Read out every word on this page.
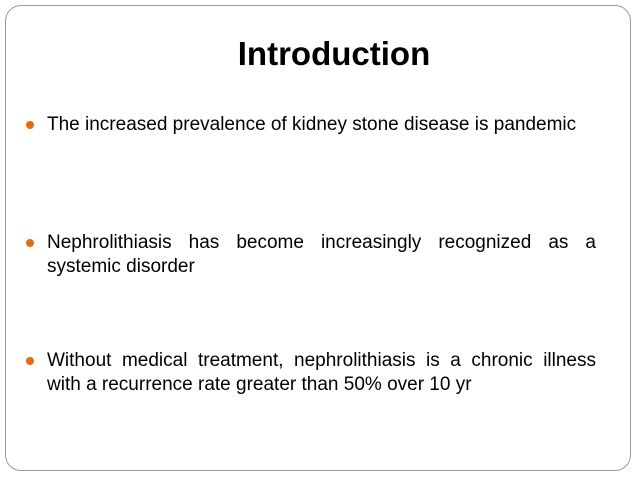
Introduction
The increased prevalence of kidney stone disease is pandemic
Nephrolithiasis has become increasingly recognized as a systemic disorder
Without medical treatment, nephrolithiasis is a chronic illness with a recurrence rate greater than 50% over 10 yr
